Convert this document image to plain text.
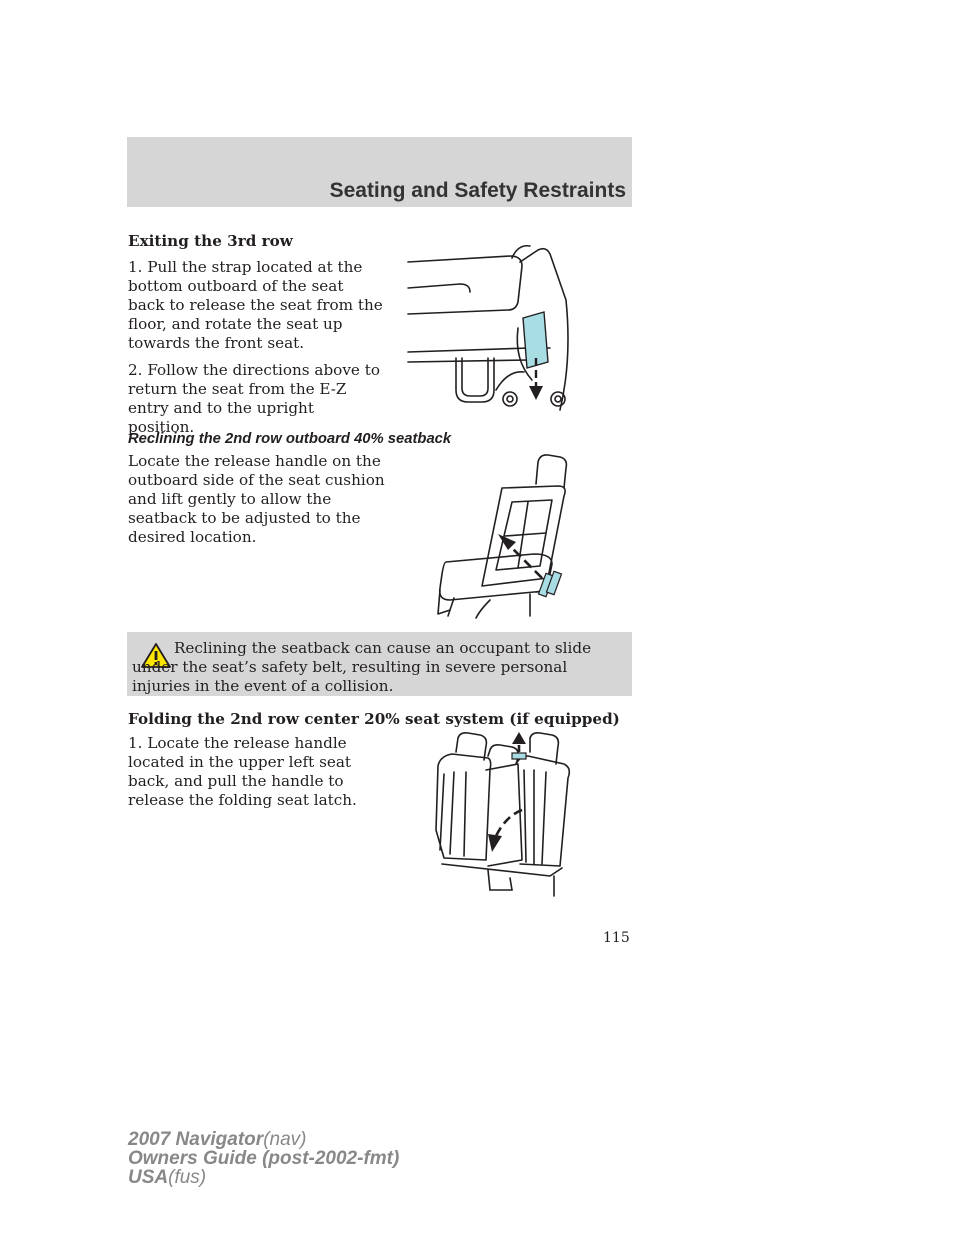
Seating and Safety Restraints
Exiting the 3rd row

1. Pull the strap located at the bottom outboard of the seat back to release the seat from the floor, and rotate the seat up towards the front seat.

2. Follow the directions above to return the seat from the E-Z entry and to the upright position.

Reclining the 2nd row outboard 40% seatback
Locate the release handle on the outboard side of the seat cushion and lift gently to allow the seatback to be adjusted to the desired location.
Reclining the seatback can cause an occupant to slide under the seat’s safety belt, resulting in severe personal injuries in the event of a collision.
Folding the 2nd row center 20% seat system (if equipped)
1. Locate the release handle located in the upper left seat back, and pull the handle to release the folding seat latch.
115
2007 Navigator(nav)
Owners Guide (post-2002-fmt)
USA(fus)
